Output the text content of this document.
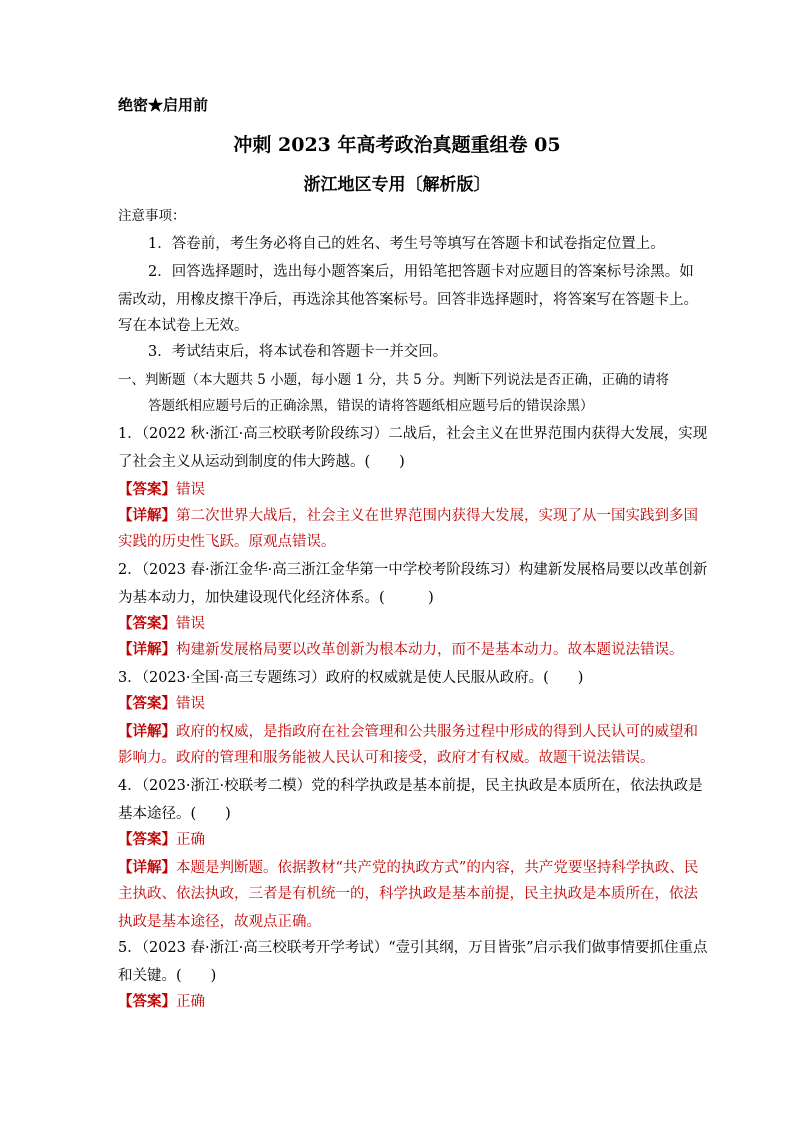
绝密★启用前
冲刺 2023 年高考政治真题重组卷 05
浙江地区专用〔解析版〕
注意事项：
1．答卷前，考生务必将自己的姓名、考生号等填写在答题卡和试卷指定位置上。
2．回答选择题时，选出每小题答案后，用铅笔把答题卡对应题目的答案标号涂黑。如
需改动，用橡皮擦干净后，再选涂其他答案标号。回答非选择题时，将答案写在答题卡上。
写在本试卷上无效。
3．考试结束后，将本试卷和答题卡一并交回。
一、判断题（本大题共 5 小题，每小题 1 分，共 5 分。判断下列说法是否正确，正确的请将
答题纸相应题号后的正确涂黑，错误的请将答题纸相应题号后的错误涂黑）
1．（2022 秋·浙江·高三校联考阶段练习）二战后，社会主义在世界范围内获得大发展，实现
了社会主义从运动到制度的伟大跨越。(　　)
【答案】错误
【详解】第二次世界大战后，社会主义在世界范围内获得大发展，实现了从一国实践到多国
实践的历史性飞跃。原观点错误。
2．（2023 春·浙江金华·高三浙江金华第一中学校考阶段练习）构建新发展格局要以改革创新
为基本动力，加快建设现代化经济体系。(　　　)
【答案】错误
【详解】构建新发展格局要以改革创新为根本动力，而不是基本动力。故本题说法错误。
3．（2023·全国·高三专题练习）政府的权威就是使人民服从政府。(　　)
【答案】错误
【详解】政府的权威，是指政府在社会管理和公共服务过程中形成的得到人民认可的威望和
影响力。政府的管理和服务能被人民认可和接受，政府才有权威。故题干说法错误。
4．（2023·浙江·校联考二模）党的科学执政是基本前提，民主执政是本质所在，依法执政是
基本途径。(　　)
【答案】正确
【详解】本题是判断题。依据教材“共产党的执政方式”的内容，共产党要坚持科学执政、民
主执政、依法执政，三者是有机统一的，科学执政是基本前提，民主执政是本质所在，依法
执政是基本途径，故观点正确。
5．（2023 春·浙江·高三校联考开学考试）“壹引其纲，万目皆张”启示我们做事情要抓住重点
和关键。(　　)
【答案】正确
